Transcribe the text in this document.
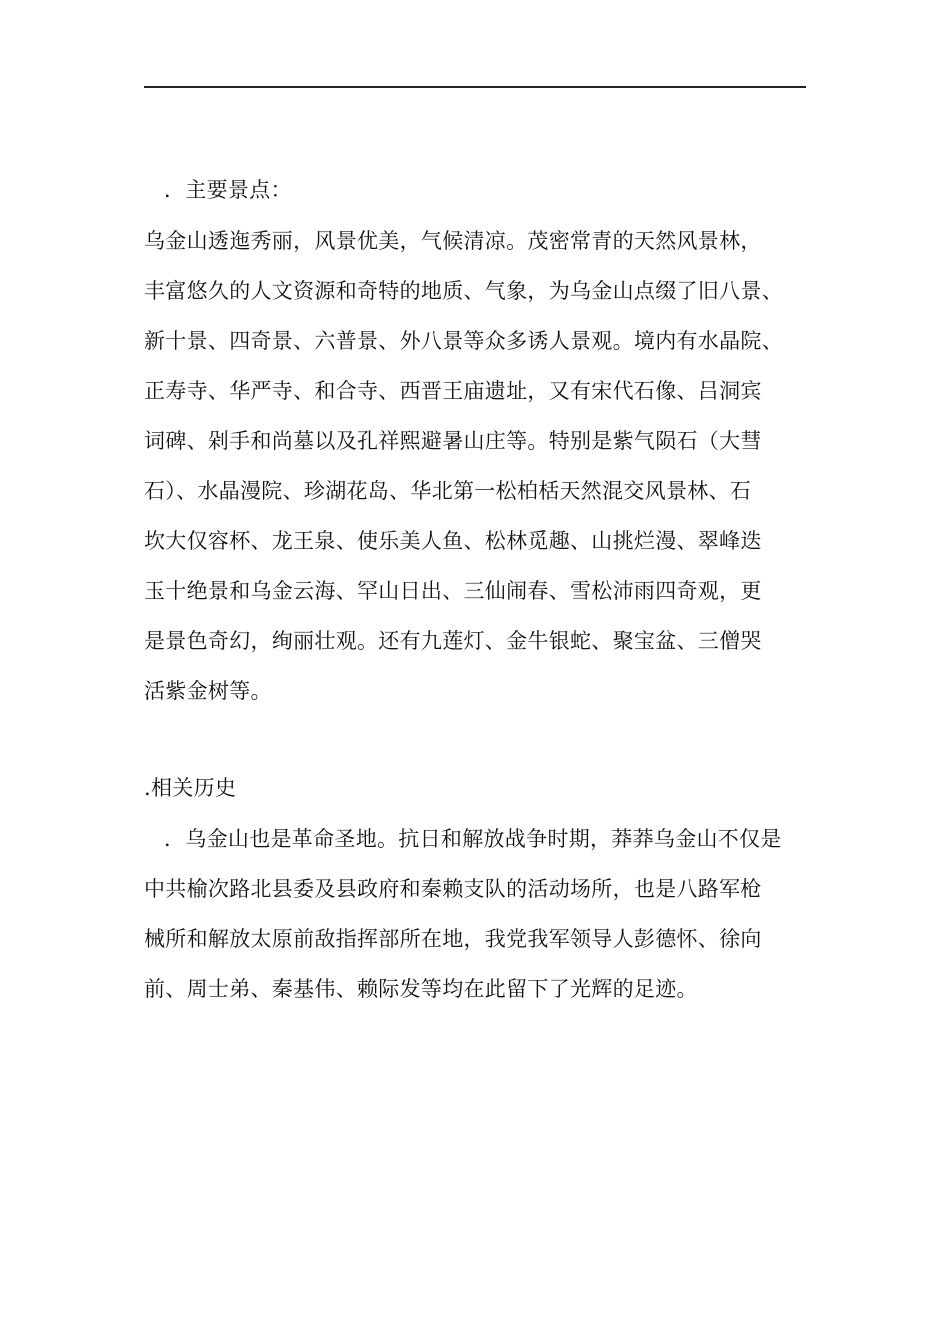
．主要景点：
乌金山透迤秀丽，风景优美，气候清凉。茂密常青的天然风景林，
丰富悠久的人文资源和奇特的地质、气象，为乌金山点缀了旧八景、
新十景、四奇景、六普景、外八景等众多诱人景观。境内有水晶院、
正寿寺、华严寺、和合寺、西晋王庙遗址，又有宋代石像、吕洞宾
词碑、剁手和尚墓以及孔祥熙避暑山庄等。特别是紫气陨石（大彗
石）、水晶漫院、珍湖花岛、华北第一松柏栝天然混交风景林、石
坎大仅容杯、龙王泉、使乐美人鱼、松林觅趣、山挑烂漫、翠峰迭
玉十绝景和乌金云海、罕山日出、三仙闹春、雪松沛雨四奇观，更
是景色奇幻，绚丽壮观。还有九莲灯、金牛银蛇、聚宝盆、三僧哭
活紫金树等。
.相关历史
．乌金山也是革命圣地。抗日和解放战争时期，莽莽乌金山不仅是
中共榆次路北县委及县政府和秦赖支队的活动场所，也是八路军枪
械所和解放太原前敌指挥部所在地，我党我军领导人彭德怀、徐向
前、周士弟、秦基伟、赖际发等均在此留下了光辉的足迹。
